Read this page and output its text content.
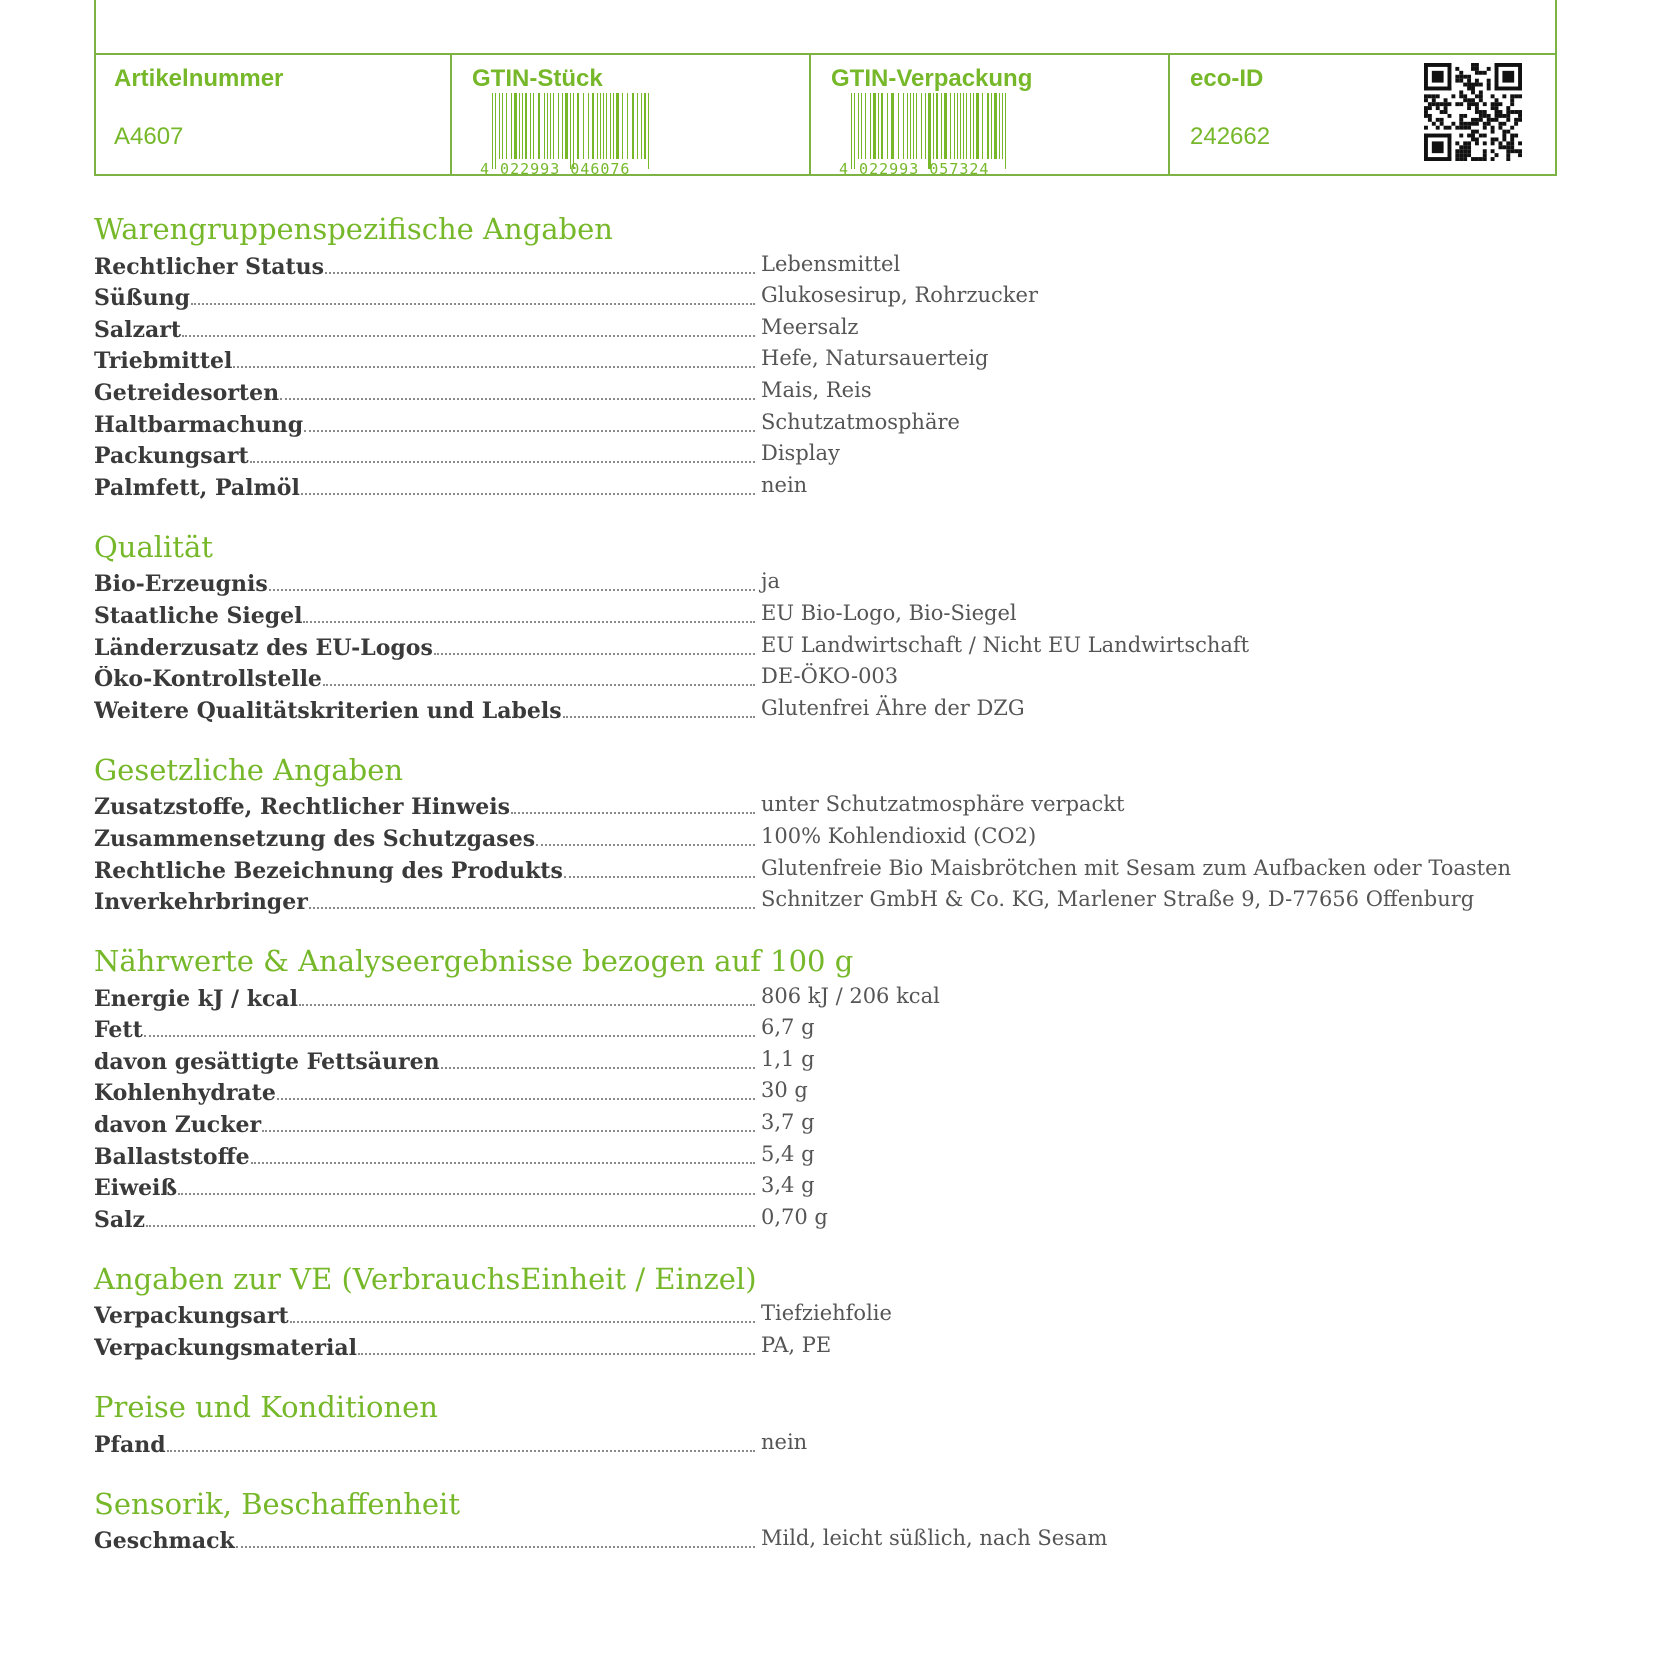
Artikelnummer
A4607
GTIN-Stück
4 022993 046076
GTIN-Verpackung
4 022993 057324
eco-ID
242662
Warengruppenspezifische Angaben
Rechtlicher Status	Lebensmittel
Süßung	Glukosesirup, Rohrzucker
Salzart	Meersalz
Triebmittel	Hefe, Natursauerteig
Getreidesorten	Mais, Reis
Haltbarmachung	Schutzatmosphäre
Packungsart	Display
Palmfett, Palmöl	nein
Qualität
Bio-Erzeugnis	ja
Staatliche Siegel	EU Bio-Logo, Bio-Siegel
Länderzusatz des EU-Logos	EU Landwirtschaft / Nicht EU Landwirtschaft
Öko-Kontrollstelle	DE-ÖKO-003
Weitere Qualitätskriterien und Labels	Glutenfrei Ähre der DZG
Gesetzliche Angaben
Zusatzstoffe, Rechtlicher Hinweis	unter Schutzatmosphäre verpackt
Zusammensetzung des Schutzgases	100% Kohlendioxid (CO2)
Rechtliche Bezeichnung des Produkts	Glutenfreie Bio Maisbrötchen mit Sesam zum Aufbacken oder Toasten
Inverkehrbringer	Schnitzer GmbH & Co. KG, Marlener Straße 9, D-77656 Offenburg
Nährwerte & Analyseergebnisse bezogen auf 100 g
Energie kJ / kcal	806 kJ / 206 kcal
Fett	6,7 g
davon gesättigte Fettsäuren	1,1 g
Kohlenhydrate	30 g
davon Zucker	3,7 g
Ballaststoffe	5,4 g
Eiweiß	3,4 g
Salz	0,70 g
Angaben zur VE (VerbrauchsEinheit / Einzel)
Verpackungsart	Tiefziehfolie
Verpackungsmaterial	PA, PE
Preise und Konditionen
Pfand	nein
Sensorik, Beschaffenheit
Geschmack	Mild, leicht süßlich, nach Sesam
